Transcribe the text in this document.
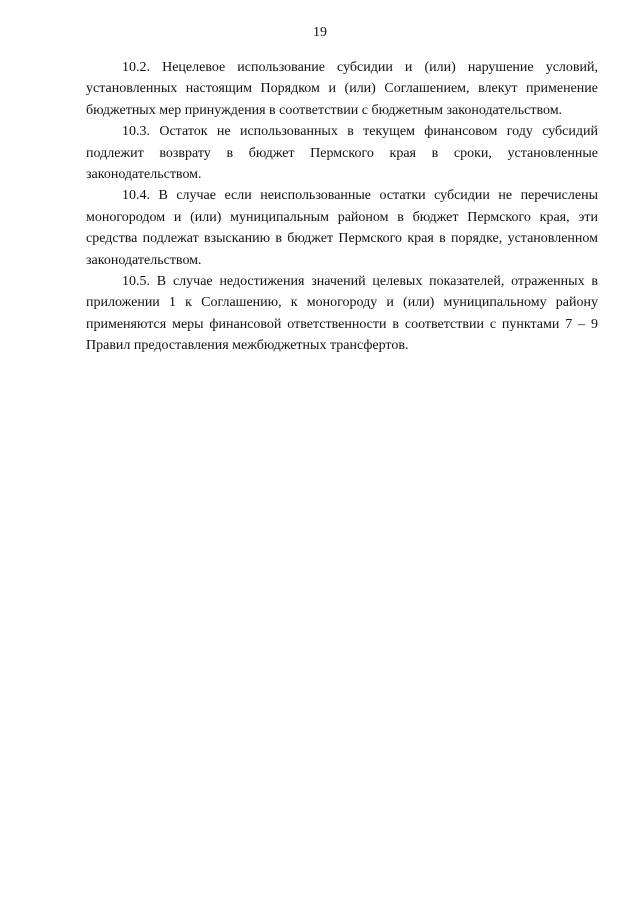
19

10.2. Нецелевое использование субсидии и (или) нарушение условий, установленных настоящим Порядком и (или) Соглашением, влекут применение бюджетных мер принуждения в соответствии с бюджетным законодательством.

10.3. Остаток не использованных в текущем финансовом году субсидий подлежит возврату в бюджет Пермского края в сроки, установленные законодательством.

10.4. В случае если неиспользованные остатки субсидии не перечислены моногородом и (или) муниципальным районом в бюджет Пермского края, эти средства подлежат взысканию в бюджет Пермского края в порядке, установленном законодательством.

10.5. В случае недостижения значений целевых показателей, отраженных в приложении 1 к Соглашению, к моногороду и (или) муниципальному району применяются меры финансовой ответственности в соответствии с пунктами 7 – 9 Правил предоставления межбюджетных трансфертов.
